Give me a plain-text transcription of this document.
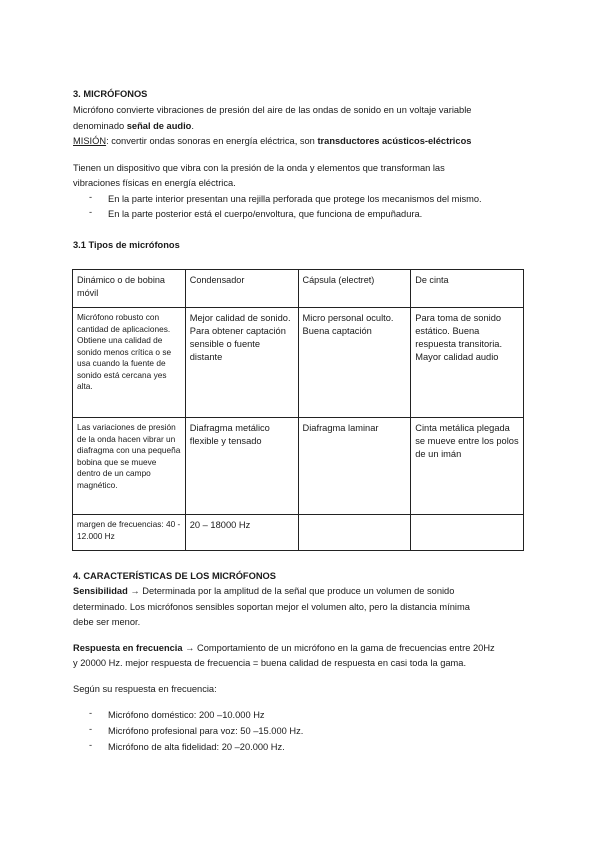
3. MICRÓFONOS
Micrófono convierte vibraciones de presión del aire de las ondas de sonido en un voltaje variable
denominado señal de audio.
MISIÓN: convertir ondas sonoras en energía eléctrica, son transductores acústicos-eléctricos
Tienen un dispositivo que vibra con la presión de la onda y elementos que transforman las
vibraciones físicas en energía eléctrica.
- En la parte interior presentan una rejilla perforada que protege los mecanismos del mismo.
- En la parte posterior está el cuerpo/envoltura, que funciona de empuñadura.
3.1 Tipos de micrófonos
Dinámico o de bobina móvil	Condensador	Cápsula (electret)	De cinta

Micrófono robusto con cantidad de aplicaciones. Obtiene una calidad de sonido menos crítica o se usa cuando la fuente de sonido está cercana yes alta.	Mejor calidad de sonido. Para obtener captación sensible o fuente distante	Micro personal oculto. Buena captación	Para toma de sonido estático. Buena respuesta transitoria. Mayor calidad audio

Las variaciones de presión de la onda hacen vibrar un diafragma con una pequeña bobina que se mueve dentro de un campo magnético.	Diafragma metálico flexible y tensado	Diafragma laminar	Cinta metálica plegada se mueve entre los polos de un imán

margen de frecuencias: 40 - 12.000 Hz	20 – 18000 Hz		

4. CARACTERÍSTICAS DE LOS MICRÓFONOS
Sensibilidad → Determinada por la amplitud de la señal que produce un volumen de sonido
determinado. Los micrófonos sensibles soportan mejor el volumen alto, pero la distancia mínima
debe ser menor.
Respuesta en frecuencia → Comportamiento de un micrófono en la gama de frecuencias entre 20Hz
y 20000 Hz. mejor respuesta de frecuencia = buena calidad de respuesta en casi toda la gama.
Según su respuesta en frecuencia:
- Micrófono doméstico: 200 –10.000 Hz
- Micrófono profesional para voz: 50 –15.000 Hz.
- Micrófono de alta fidelidad: 20 –20.000 Hz.
